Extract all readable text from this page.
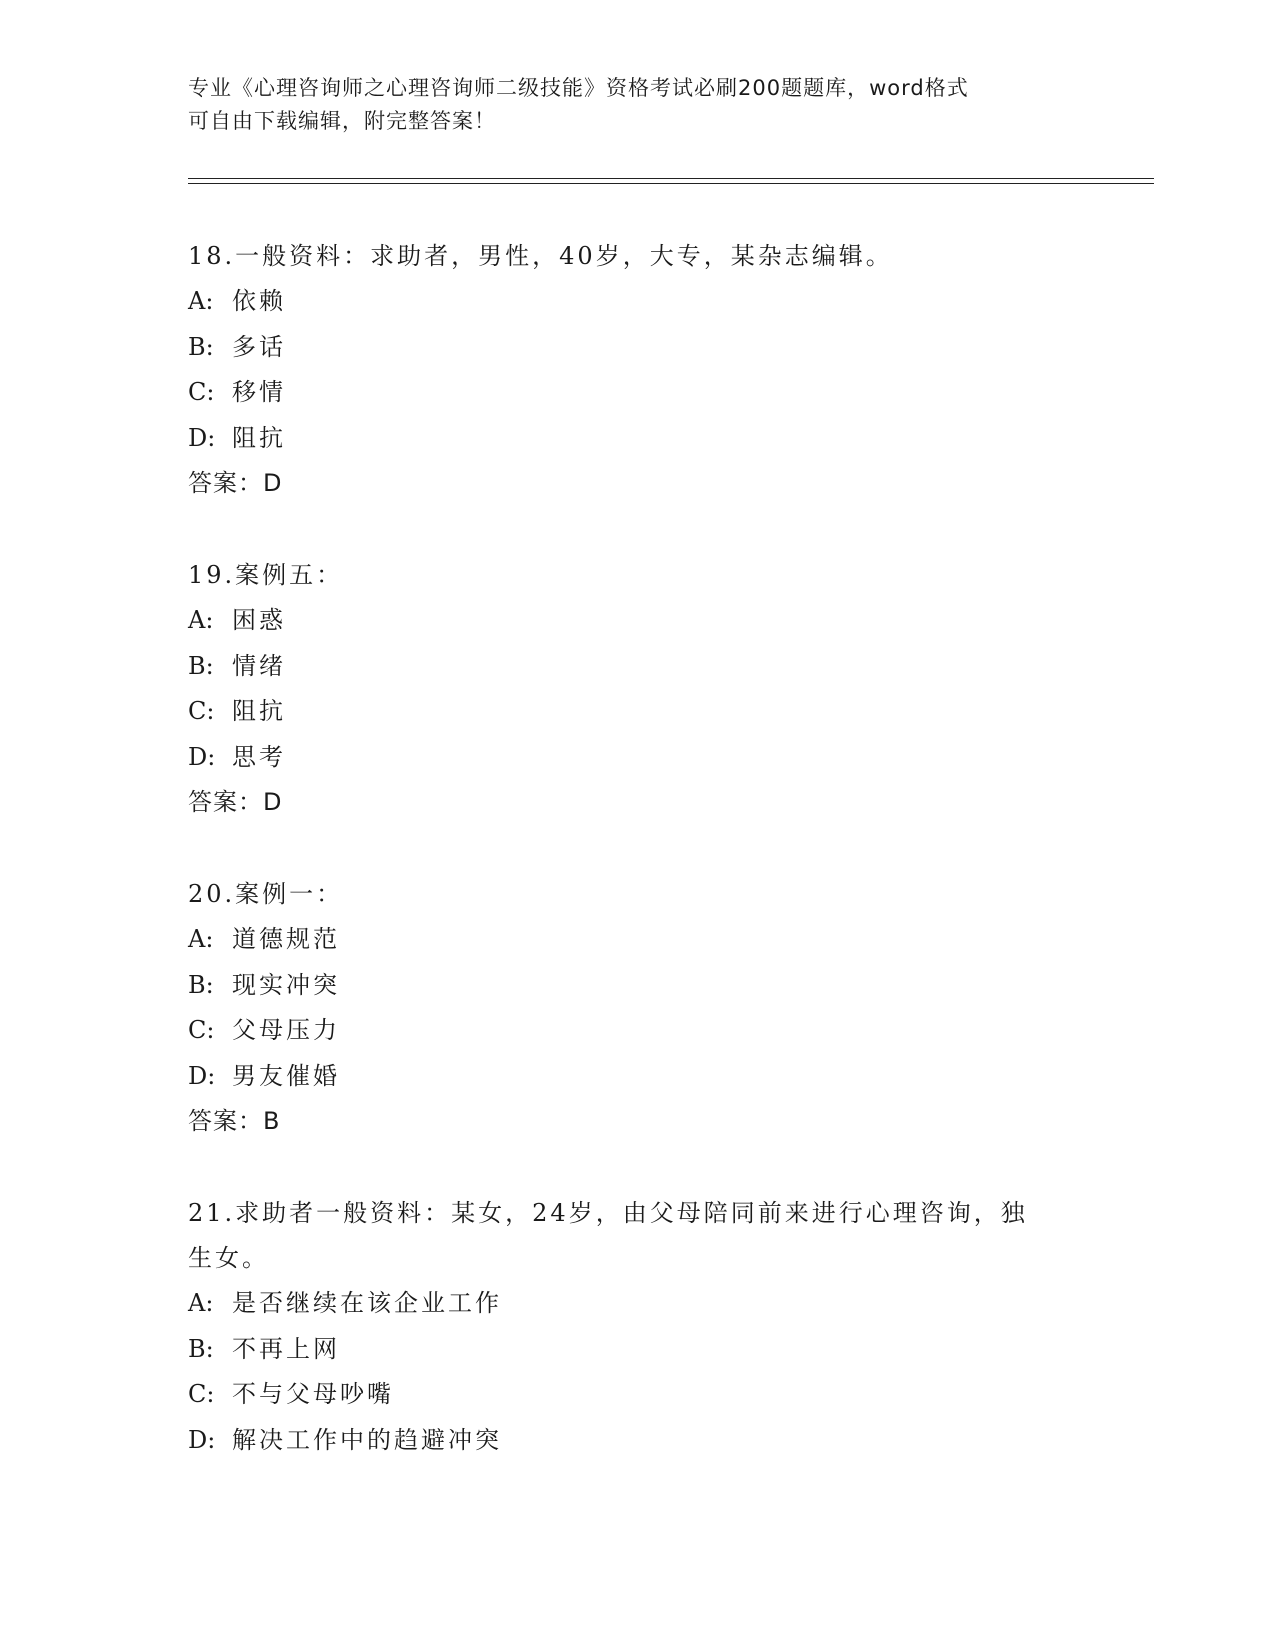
专业《心理咨询师之心理咨询师二级技能》资格考试必刷200题题库，word格式
可自由下载编辑，附完整答案！

18.一般资料：求助者，男性，40岁，大专，某杂志编辑。

A: 依赖

B: 多话

C: 移情

D: 阻抗

答案：D

19.案例五：

A: 困惑

B: 情绪

C: 阻抗

D: 思考

答案：D

20.案例一：

A: 道德规范

B: 现实冲突

C: 父母压力

D: 男友催婚

答案：B

21.求助者一般资料：某女，24岁，由父母陪同前来进行心理咨询，独

生女。

A: 是否继续在该企业工作

B: 不再上网

C: 不与父母吵嘴

D: 解决工作中的趋避冲突
